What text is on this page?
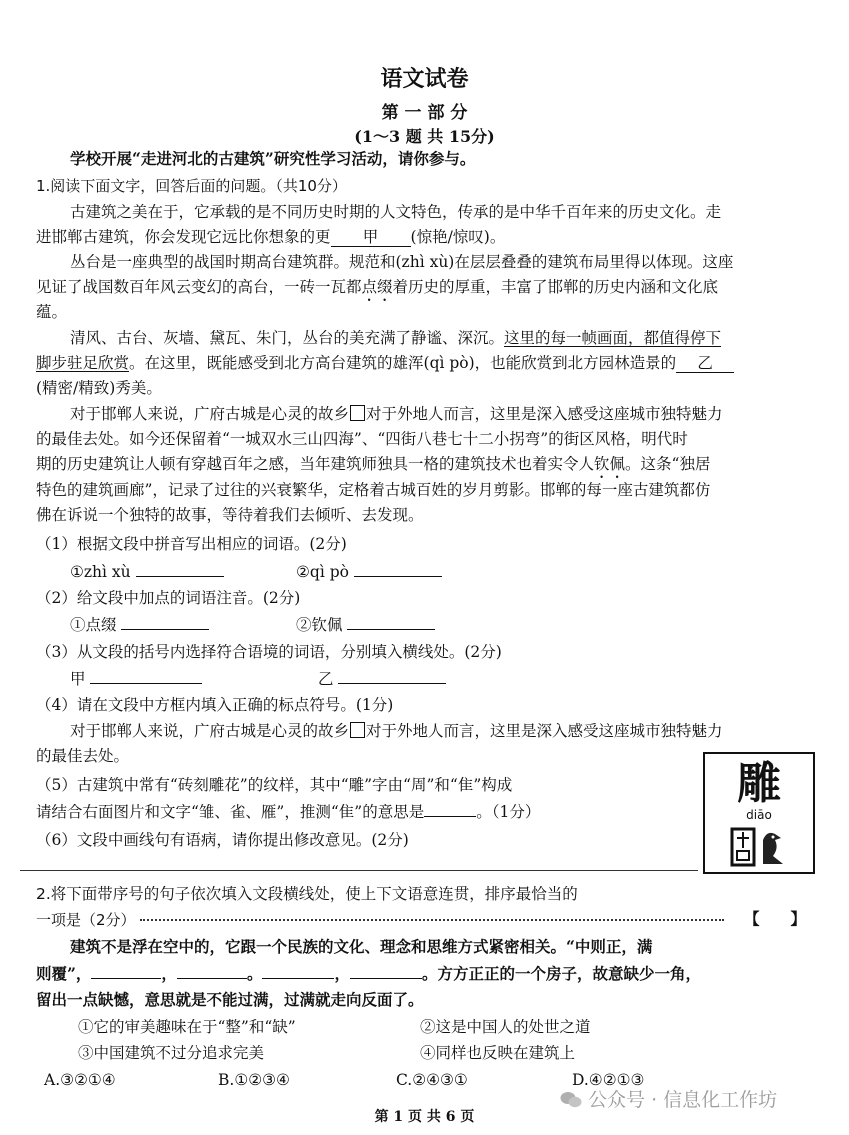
语文试卷
第 一 部 分
(1～3 题 共 15分)
学校开展“走进河北的古建筑”研究性学习活动，请你参与。
1.阅读下面文字，回答后面的问题。（共10分）
古建筑之美在于，它承载的是不同历史时期的人文特色，传承的是中华千百年来的历史文化。走
进邯郸古建筑，你会发现它远比你想象的更 甲 (惊艳/惊叹)。
丛台是一座典型的战国时期高台建筑群。规范和(zhì xù)在层层叠叠的建筑布局里得以体现。这座
见证了战国数百年风云变幻的高台，一砖一瓦都点缀着历史的厚重，丰富了邯郸的历史内涵和文化底
蕴。
清风、古台、灰墙、黛瓦、朱门，丛台的美充满了静谧、深沉。这里的每一帧画面，都值得停下
脚步驻足欣赏。在这里，既能感受到北方高台建筑的雄浑(qì pò)，也能欣赏到北方园林造景的 乙
(精密/精致)秀美。
对于邯郸人来说，广府古城是心灵的故乡 对于外地人而言，这里是深入感受这座城市独特魅力
的最佳去处。如今还保留着“一城双水三山四海”、“四街八巷七十二小拐弯”的街区风格，明代时
期的历史建筑让人顿有穿越百年之感，当年建筑师独具一格的建筑技术也着实令人钦佩。这条“独居
特色的建筑画廊”，记录了过往的兴衰繁华，定格着古城百姓的岁月剪影。邯郸的每一座古建筑都仿
佛在诉说一个独特的故事，等待着我们去倾听、去发现。
（1）根据文段中拼音写出相应的词语。(2分)
①zhì xù	②qì pò
（2）给文段中加点的词语注音。(2分)
①点缀	②钦佩
（3）从文段的括号内选择符合语境的词语，分别填入横线处。(2分)
甲	乙
（4）请在文段中方框内填入正确的标点符号。(1分)
对于邯郸人来说，广府古城是心灵的故乡 对于外地人而言，这里是深入感受这座城市独特魅力
的最佳去处。
（5）古建筑中常有“砖刻雕花”的纹样，其中“雕”字由“周”和“隹”构成
请结合右面图片和文字“雏、雀、雁”，推测“隹”的意思是	。（1分）
（6）文段中画线句有语病，请你提出修改意见。(2分)
雕
diāo
2.将下面带序号的句子依次填入文段横线处，使上下文语意连贯，排序最恰当的
一项是（2分）	【　　】
建筑不是浮在空中的，它跟一个民族的文化、理念和思维方式紧密相关。“中则正，满
则覆”，	，	。	，	。方方正正的一个房子，故意缺少一角，
留出一点缺憾，意思就是不能过满，过满就走向反面了。
①它的审美趣味在于“整”和“缺”	②这是中国人的处世之道
③中国建筑不过分追求完美	④同样也反映在建筑上
A.③②①④	B.①②③④	C.②④③①	D.④②①③
第 1 页 共 6 页
公众号 · 信息化工作坊
